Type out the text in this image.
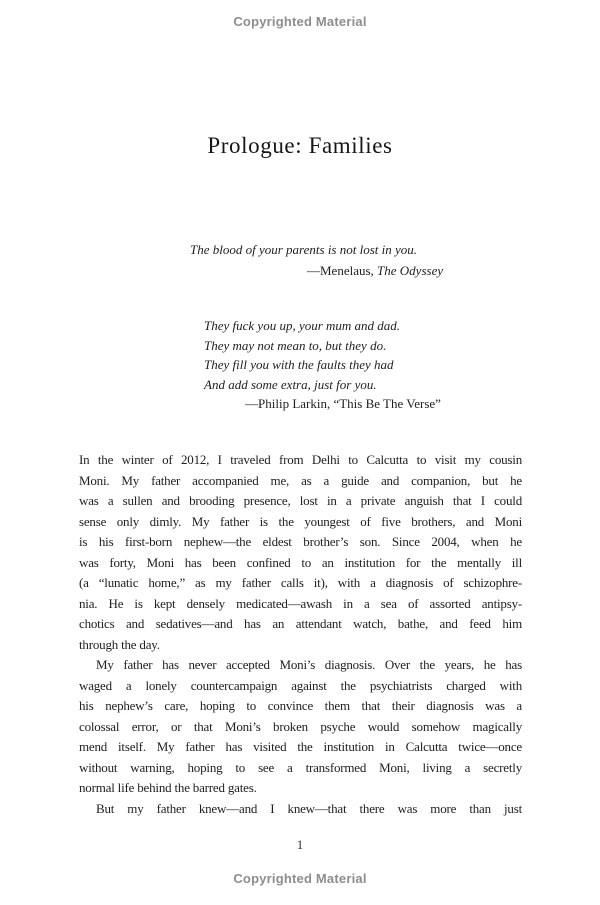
Copyrighted Material
Prologue: Families
The blood of your parents is not lost in you.
—Menelaus, The Odyssey
They fuck you up, your mum and dad.
They may not mean to, but they do.
They fill you with the faults they had
And add some extra, just for you.
—Philip Larkin, “This Be The Verse”
In the winter of 2012, I traveled from Delhi to Calcutta to visit my cousin
Moni. My father accompanied me, as a guide and companion, but he
was a sullen and brooding presence, lost in a private anguish that I could
sense only dimly. My father is the youngest of five brothers, and Moni
is his first-born nephew—the eldest brother’s son. Since 2004, when he
was forty, Moni has been confined to an institution for the mentally ill
(a “lunatic home,” as my father calls it), with a diagnosis of schizophre-
nia. He is kept densely medicated—awash in a sea of assorted antipsy-
chotics and sedatives—and has an attendant watch, bathe, and feed him
through the day.
My father has never accepted Moni’s diagnosis. Over the years, he has
waged a lonely countercampaign against the psychiatrists charged with
his nephew’s care, hoping to convince them that their diagnosis was a
colossal error, or that Moni’s broken psyche would somehow magically
mend itself. My father has visited the institution in Calcutta twice—once
without warning, hoping to see a transformed Moni, living a secretly
normal life behind the barred gates.
But my father knew—and I knew—that there was more than just
1
Copyrighted Material
